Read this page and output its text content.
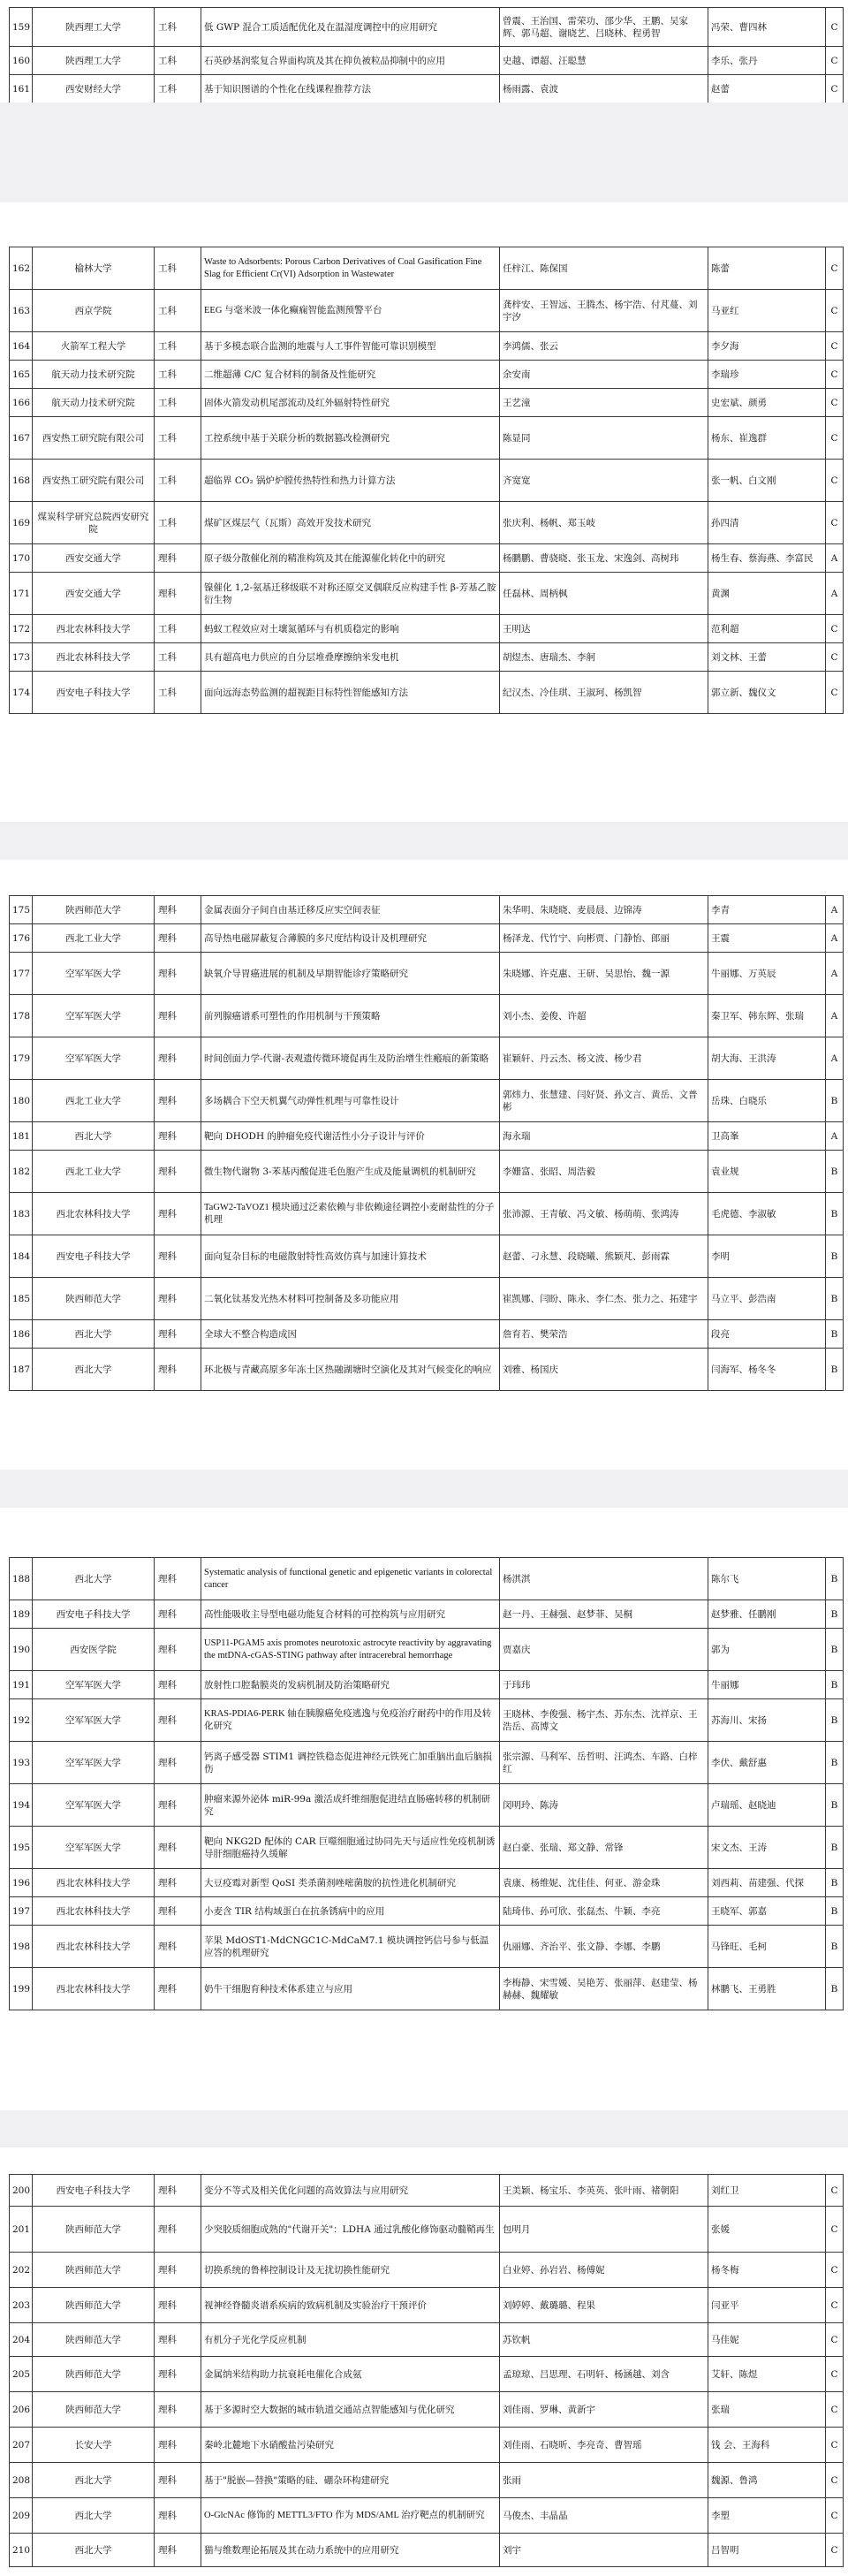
159	陕西理工大学	工科	低 GWP 混合工质适配优化及在温湿度调控中的应用研究	曾震、王治国、雷荣功、邵少华、王鹏、吴家辉、郭马超、谢晓艺、吕晓林、程勇智	冯荣、曹四林	C
160	陕西理工大学	工科	石英砂基润浆复合界面构筑及其在抑负被粒品抑制中的应用	史越、谭超、汪聪慧	李乐、张丹	C
161	西安财经大学	工科	基于知识图谱的个性化在线课程推荐方法	杨雨露、袁波	赵蕾	C
162	榆林大学	工科	Waste to Adsorbents: Porous Carbon Derivatives of Coal Gasification Fine Slag for Efficient Cr(VI) Adsorption in Wastewater	任梓江、陈保国	陈蕾	C
163	西京学院	工科	EEG 与毫米波一体化癫痫智能监测预警平台	龚梓安、王智远、王腾杰、杨宇浩、付芃蔓、刘宇汐	马亚红	C
164	火箭军工程大学	工科	基于多模态联合监测的地震与人工事件智能可靠识别模型	李鸿儒、张云	李夕海	C
165	航天动力技术研究院	工科	二维超薄 C/C 复合材料的制备及性能研究	余安南	李瑞珍	C
166	航天动力技术研究院	工科	固体火箭发动机尾部流动及红外辐射特性研究	王艺潼	史宏斌、颜勇	C
167	西安热工研究院有限公司	工科	工控系统中基于关联分析的数据篡改检测研究	陈显同	杨东、崔逸群	C
168	西安热工研究院有限公司	工科	超临界 CO₂ 锅炉炉膛传热特性和热力计算方法	齐宽宽	张一帆、白文刚	C
169	煤炭科学研究总院西安研究院	工科	煤矿区煤层气（瓦斯）高效开发技术研究	张庆利、杨帆、郑玉岐	孙四清	C
170	西安交通大学	理科	原子级分散催化剂的精准构筑及其在能源催化转化中的研究	杨鹏鹏、曹骁晓、张玉龙、宋逸剑、高树玮	杨生春、蔡海燕、李富民	A
171	西安交通大学	理科	镍催化 1,2-氨基迁移级联不对称还原交叉偶联反应构建手性 β-芳基乙胺衍生物	任磊林、周柄枫	黄渊	A
172	西北农林科技大学	工科	蚂蚁工程效应对土壤氮循环与有机质稳定的影响	王明达	范利超	C
173	西北农林科技大学	工科	具有超高电力供应的自分层堆叠摩擦纳米发电机	胡煜杰、唐瑞杰、李舸	刘文林、王蕾	C
174	西安电子科技大学	工科	面向远海态势监测的超视距目标特性智能感知方法	纪汉杰、冷佳琪、王淑珂、杨凯智	郭立新、魏仪文	C
175	陕西师范大学	理科	金属表面分子间自由基迁移反应实空间表征	朱华明、朱晓晓、麦晨晨、边锦涛	李青	A
176	西北工业大学	理科	高导热电磁屏蔽复合薄膜的多尺度结构设计及机理研究	杨泽龙、代竹宁、向彬贾、门静怡、郎丽	王震	A
177	空军军医大学	理科	缺氧介导胃癌进展的机制及早期智能诊疗策略研究	朱晓娜、许克惠、王研、吴思怡、魏一源	牛丽娜、万英辰	A
178	空军军医大学	理科	前列腺癌谱系可塑性的作用机制与干预策略	刘小杰、姜俊、许超	秦卫军、韩东辉、张瑞	A
179	空军军医大学	理科	时间创面力学-代谢-表观遗传微环境促再生及防治增生性瘢痕的新策略	崔颖轩、丹云杰、杨文波、杨少君	胡大海、王洪涛	A
180	西北工业大学	理科	多场耦合下空天机翼气动弹性机理与可靠性设计	郭炜力、张慧建、闫好贤、孙文言、黄岳、文普彬	岳珠、白晓乐	B
181	西北大学	理科	靶向 DHODH 的肿瘤免疫代谢活性小分子设计与评价	海永瑞	卫高峯	A
182	西北工业大学	理科	微生物代谢物 3-苯基丙酸促进毛色胞产生成及能量调机的机制研究	李姗富、张昭、周浩毅	袁业规	B
183	西北农林科技大学	理科	TaGW2-TaVOZ1 模块通过泛素依赖与非依赖途径调控小麦耐盐性的分子机理	张沛源、王青敏、冯文敏、杨萌萌、张鸿涛	毛虎德、李淑敏	B
184	西安电子科技大学	理科	面向复杂目标的电磁散射特性高效仿真与加速计算技术	赵蕾、刁永慧、段晓曦、熊颖芃、彭雨霖	李明	B
185	陕西师范大学	理科	二氧化钛基发光热木材料可控制备及多功能应用	崔凯娜、闫盼、陈永、李仁杰、张力之、拓建宇	马立平、彭浩南	B
186	西北大学	理科	全球大不整合构造成因	詹育若、樊荣浩	段亮	B
187	西北大学	理科	环北极与青藏高原多年冻土区热融湖塘时空演化及其对气候变化的响应	刘雅、杨国庆	闫海军、杨冬冬	B
188	西北大学	理科	Systematic analysis of functional genetic and epigenetic variants in colorectal cancer	杨淇淇	陈尔飞	B
189	西安电子科技大学	理科	高性能吸收主导型电磁功能复合材料的可控构筑与应用研究	赵一丹、王赫强、赵梦菲、吴桐	赵梦雅、任鹏刚	B
190	西安医学院	理科	USP11-PGAM5 axis promotes neurotoxic astrocyte reactivity by aggravating the mtDNA-cGAS-STING pathway after intracerebral hemorrhage	贾嘉庆	郭为	B
191	空军军医大学	理科	放射性口腔黏膜炎的发病机制及防治策略研究	于玮玮	牛丽娜	B
192	空军军医大学	理科	KRAS-PDIA6-PERK 轴在胰腺癌免疫逃逸与免疫治疗耐药中的作用及转化研究	王晓林、李俊强、杨宇杰、苏东杰、沈祥京、王浩岳、高博文	苏海川、宋扬	B
193	空军军医大学	理科	钙离子感受器 STIM1 调控铁稳态促进神经元铁死亡加重脑出血后脑损伤	张宗源、马利军、岳哲明、汪鸿杰、车路、白梓红	李伏、戴舒惠	B
194	空军军医大学	理科	肿瘤来源外泌体 miR-99a 激活成纤维细胞促进结直肠癌转移的机制研究	闵明玲、陈涛	卢瑞瑶、赵晓迪	B
195	空军军医大学	理科	靶向 NKG2D 配体的 CAR 巨噬细胞通过协同先天与适应性免疫机制诱导肝细胞癌持久缓解	赵白豪、张瑞、郑文静、常锋	宋文杰、王涛	B
196	西北农林科技大学	理科	大豆疫霉对新型 QoSI 类杀菌剂唑嘧菌胺的抗性进化机制研究	袁康、杨维妮、沈佳佳、何亚、游金珠	刘西莉、苗建强、代探	B
197	西北农林科技大学	理科	小麦含 TIR 结构域蛋白在抗条锈病中的应用	陆琦伟、孙可欣、张磊杰、牛颖、李亮	王晓军、郭嘉	B
198	西北农林科技大学	理科	苹果 MdOST1-MdCNGC1C-MdCaM7.1 模块调控钙信号参与低温应答的机理研究	仇丽娜、齐治平、张文静、李娜、李鹏	马锋旺、毛柯	B
199	西北农林科技大学	理科	奶牛干细胞育种技术体系建立与应用	李梅静、宋雪媛、吴艳芳、张丽萍、赵建莹、杨赫赫、魏耀敏	林鹏飞、王勇胜	B
200	西安电子科技大学	理科	变分不等式及相关优化问题的高效算法与应用研究	王美颖、杨宝乐、李英英、张叶雨、褚朝阳	刘红卫	C
201	陕西师范大学	理科	少突胶质细胞成熟的"代谢开关"：LDHA 通过乳酸化修饰驱动髓鞘再生	包明月	张媛	C
202	陕西师范大学	理科	切换系统的鲁棒控制设计及无扰切换性能研究	白业婷、孙岩岩、杨傅妮	杨冬梅	C
203	陕西师范大学	理科	视神经脊髓炎谱系疾病的致病机制及实验治疗干预评价	刘婷婷、戴璐璐、程果	闫亚平	C
204	陕西师范大学	理科	有机分子光化学反应机制	苏钦帆	马佳妮	C
205	陕西师范大学	理科	金属纳米结构助力抗衰耗电催化合成氨	孟琼琼、吕思理、石明轩、杨涵越、刘含	艾轩、陈煜	C
206	陕西师范大学	理科	基于多源时空大数据的城市轨道交通站点智能感知与优化研究	刘佳雨、罗琳、黄新宇	张瑞	C
207	长安大学	理科	秦岭北麓地下水硝酸盐污染研究	刘佳雨、石晓昕、李亮奇、曹智瑶	钱 会、王海科	C
208	西北大学	理科	基于"脱嵌—替换"策略的硅、硼杂环构建研究	张雨	魏源、鲁鸿	C
209	西北大学	理科	O-GlcNAc 修饰的 METTL3/FTO 作为 MDS/AML 治疗靶点的机制研究	马俊杰、丰晶晶	李塑	C
210	西北大学	理科	猫与维数理论拓展及其在动力系统中的应用研究	刘宇	吕智明	C
